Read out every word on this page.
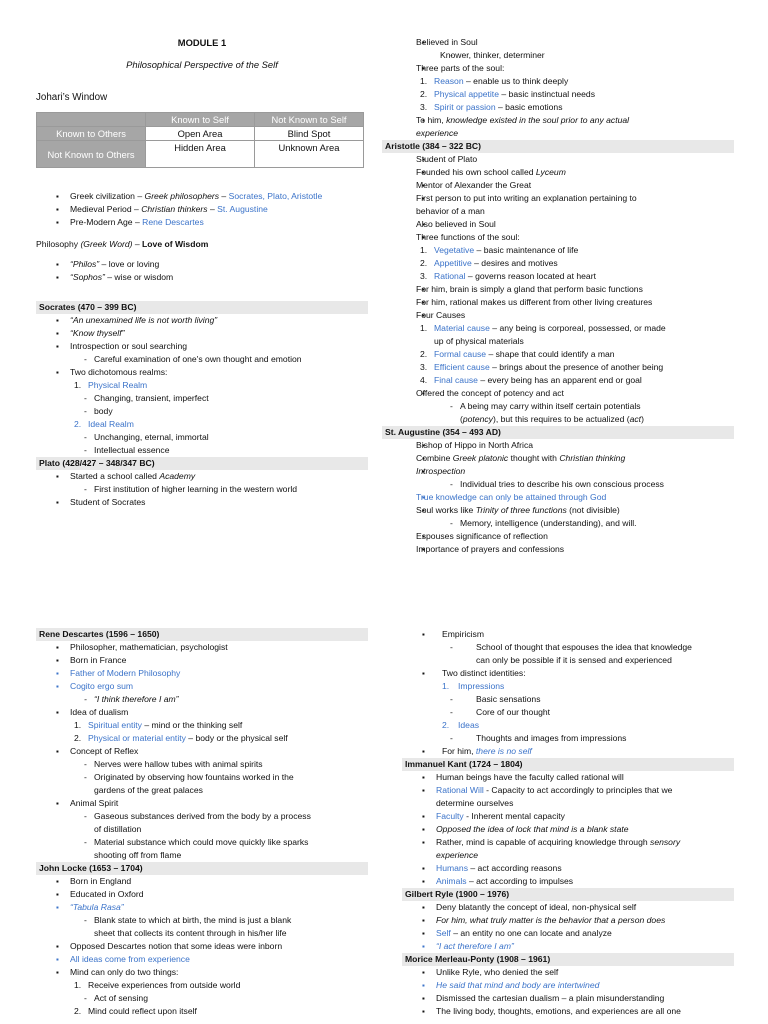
MODULE 1
Philosophical Perspective of the Self
Johari’s Window
	Known to Self	Not Known to Self
Known to Others	Open Area	Blind Spot
Not Known to Others	Hidden Area	Unknown Area
▪ Greek civilization – Greek philosophers – Socrates, Plato, Aristotle
▪ Medieval Period – Christian thinkers – St. Augustine
▪ Pre-Modern Age – Rene Descartes
Philosophy (Greek Word) – Love of Wisdom
▪ “Philos” – love or loving
▪ “Sophos” – wise or wisdom
Socrates (470 – 399 BC)
▪ “An unexamined life is not worth living”
▪ “Know thyself”
▪ Introspection or soul searching
- Careful examination of one's own thought and emotion
▪ Two dichotomous realms:
1. Physical Realm
- Changing, transient, imperfect
- body
2. Ideal Realm
- Unchanging, eternal, immortal
- Intellectual essence
Plato (428/427 – 348/347 BC)
▪ Started a school called Academy
- First institution of higher learning in the western world
▪ Student of Socrates
▪ Believed in Soul
- Knower, thinker, determiner
▪ Three parts of the soul:
1. Reason – enable us to think deeply
2. Physical appetite – basic instinctual needs
3. Spirit or passion – basic emotions
▪ To him, knowledge existed in the soul prior to any actual
experience
Aristotle (384 – 322 BC)
▪ Student of Plato
▪ Founded his own school called Lyceum
▪ Mentor of Alexander the Great
▪ First person to put into writing an explanation pertaining to
behavior of a man
▪ Also believed in Soul
▪ Three functions of the soul:
1. Vegetative – basic maintenance of life
2. Appetitive – desires and motives
3. Rational – governs reason located at heart
▪ For him, brain is simply a gland that perform basic functions
▪ For him, rational makes us different from other living creatures
▪ Four Causes
1. Material cause – any being is corporeal, possessed, or made
up of physical materials
2. Formal cause – shape that could identify a man
3. Efficient cause – brings about the presence of another being
4. Final cause – every being has an apparent end or goal
▪ Offered the concept of potency and act
- A being may carry within itself certain potentials
(potency), but this requires to be actualized (act)
St. Augustine (354 – 493 AD)
▪ Bishop of Hippo in North Africa
▪ Combine Greek platonic thought with Christian thinking
▪ Introspection
- Individual tries to describe his own conscious process
▪ True knowledge can only be attained through God
▪ Soul works like Trinity of three functions (not divisible)
- Memory, intelligence (understanding), and will.
▪ Espouses significance of reflection
▪ Importance of prayers and confessions
Rene Descartes (1596 – 1650)
▪ Philosopher, mathematician, psychologist
▪ Born in France
▪ Father of Modern Philosophy
▪ Cogito ergo sum
- “I think therefore I am”
▪ Idea of dualism
1. Spiritual entity – mind or the thinking self
2. Physical or material entity – body or the physical self
▪ Concept of Reflex
- Nerves were hallow tubes with animal spirits
- Originated by observing how fountains worked in the
gardens of the great palaces
▪ Animal Spirit
- Gaseous substances derived from the body by a process
of distillation
- Material substance which could move quickly like sparks
shooting off from flame
John Locke (1653 – 1704)
▪ Born in England
▪ Educated in Oxford
▪ “Tabula Rasa”
- Blank state to which at birth, the mind is just a blank
sheet that collects its content through in his/her life
▪ Opposed Descartes notion that some ideas were inborn
▪ All ideas come from experience
▪ Mind can only do two things:
1. Receive experiences from outside world
- Act of sensing
2. Mind could reflect upon itself
▪ Empiricism
- School of thought that espouses the idea that knowledge
can only be possible if it is sensed and experienced
▪ Two distinct identities:
1. Impressions
- Basic sensations
- Core of our thought
2. Ideas
- Thoughts and images from impressions
▪ For him, there is no self
Immanuel Kant (1724 – 1804)
▪ Human beings have the faculty called rational will
▪ Rational Will - Capacity to act accordingly to principles that we
determine ourselves
▪ Faculty - Inherent mental capacity
▪ Opposed the idea of lock that mind is a blank state
▪ Rather, mind is capable of acquiring knowledge through sensory
experience
▪ Humans – act according reasons
▪ Animals – act according to impulses
Gilbert Ryle (1900 – 1976)
▪ Deny blatantly the concept of ideal, non-physical self
▪ For him, what truly matter is the behavior that a person does
▪ Self – an entity no one can locate and analyze
▪ “I act therefore I am”
Morice Merleau-Ponty (1908 – 1961)
▪ Unlike Ryle, who denied the self
▪ He said that mind and body are intertwined
▪ Dismissed the cartesian dualism – a plain misunderstanding
▪ The living body, thoughts, emotions, and experiences are all one
